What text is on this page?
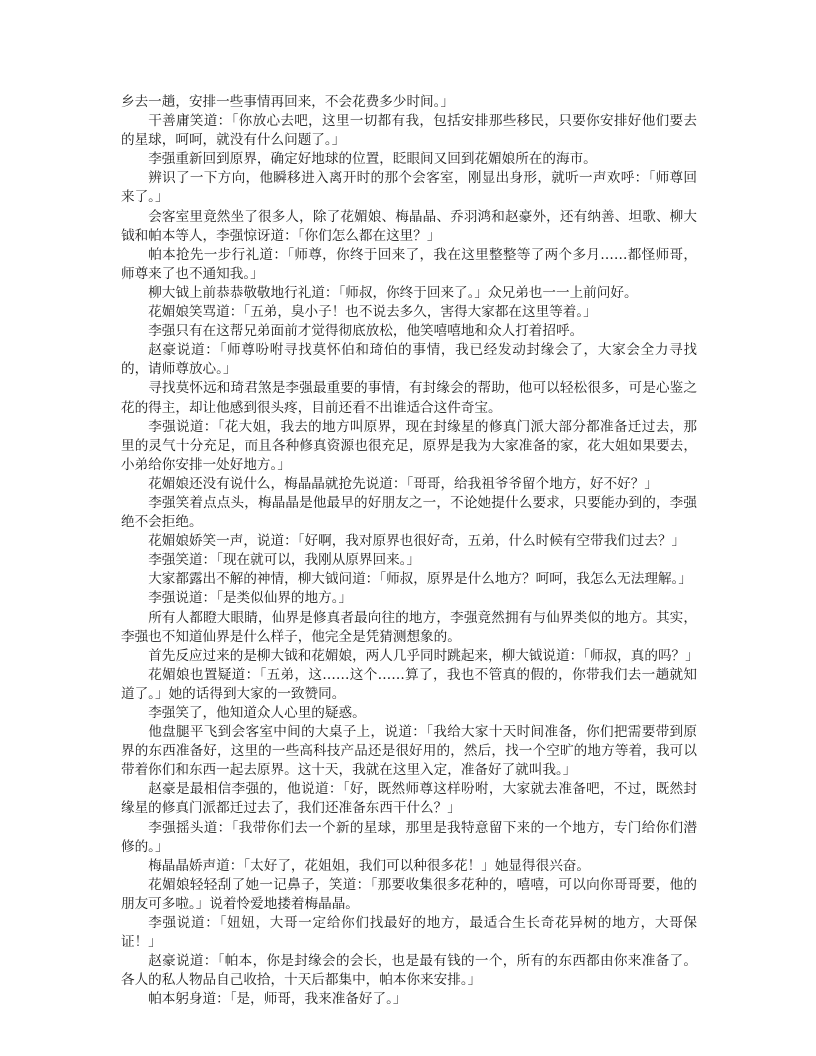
乡去一趟，安排一些事情再回来，不会花费多少时间。」

干善庸笑道：「你放心去吧，这里一切都有我，包括安排那些移民，只要你安排好他们要去的星球，呵呵，就没有什么问题了。」

李强重新回到原界，确定好地球的位置，眨眼间又回到花媚娘所在的海市。

辨识了一下方向，他瞬移进入离开时的那个会客室，刚显出身形，就听一声欢呼：「师尊回来了。」

会客室里竟然坐了很多人，除了花媚娘、梅晶晶、乔羽鸿和赵豪外，还有纳善、坦歌、柳大钺和帕本等人，李强惊讶道：「你们怎么都在这里？」

帕本抢先一步行礼道：「师尊，你终于回来了，我在这里整整等了两个多月……都怪师哥，师尊来了也不通知我。」

柳大钺上前恭恭敬敬地行礼道：「师叔，你终于回来了。」众兄弟也一一上前问好。

花媚娘笑骂道：「五弟，臭小子！也不说去多久，害得大家都在这里等着。」

李强只有在这帮兄弟面前才觉得彻底放松，他笑嘻嘻地和众人打着招呼。

赵豪说道：「师尊吩咐寻找莫怀伯和琦伯的事情，我已经发动封缘会了，大家会全力寻找的，请师尊放心。」

寻找莫怀远和琦君煞是李强最重要的事情，有封缘会的帮助，他可以轻松很多，可是心鉴之花的得主，却让他感到很头疼，目前还看不出谁适合这件奇宝。

李强说道：「花大姐，我去的地方叫原界，现在封缘星的修真门派大部分都准备迁过去，那里的灵气十分充足，而且各种修真资源也很充足，原界是我为大家准备的家，花大姐如果要去，小弟给你安排一处好地方。」

花媚娘还没有说什么，梅晶晶就抢先说道：「哥哥，给我祖爷爷留个地方，好不好？」

李强笑着点点头，梅晶晶是他最早的好朋友之一，不论她提什么要求，只要能办到的，李强绝不会拒绝。

花媚娘娇笑一声，说道：「好啊，我对原界也很好奇，五弟，什么时候有空带我们过去？」

李强笑道：「现在就可以，我刚从原界回来。」

大家都露出不解的神情，柳大钺问道：「师叔，原界是什么地方？呵呵，我怎么无法理解。」

李强说道：「是类似仙界的地方。」

所有人都瞪大眼睛，仙界是修真者最向往的地方，李强竟然拥有与仙界类似的地方。其实，李强也不知道仙界是什么样子，他完全是凭猜测想象的。

首先反应过来的是柳大钺和花媚娘，两人几乎同时跳起来，柳大钺说道：「师叔，真的吗？」

花媚娘也置疑道：「五弟，这……这个……算了，我也不管真的假的，你带我们去一趟就知道了。」她的话得到大家的一致赞同。

李强笑了，他知道众人心里的疑惑。

他盘腿平飞到会客室中间的大桌子上，说道：「我给大家十天时间准备，你们把需要带到原界的东西准备好，这里的一些高科技产品还是很好用的，然后，找一个空旷的地方等着，我可以带着你们和东西一起去原界。这十天，我就在这里入定，准备好了就叫我。」

赵豪是最相信李强的，他说道：「好，既然师尊这样吩咐，大家就去准备吧，不过，既然封缘星的修真门派都迁过去了，我们还准备东西干什么？」

李强摇头道：「我带你们去一个新的星球，那里是我特意留下来的一个地方，专门给你们潜修的。」

梅晶晶娇声道：「太好了，花姐姐，我们可以种很多花！」她显得很兴奋。

花媚娘轻轻刮了她一记鼻子，笑道：「那要收集很多花种的，嘻嘻，可以向你哥哥要，他的朋友可多啦。」说着怜爱地搂着梅晶晶。

李强说道：「妞妞，大哥一定给你们找最好的地方，最适合生长奇花异树的地方，大哥保证！」

赵豪说道：「帕本，你是封缘会的会长，也是最有钱的一个，所有的东西都由你来准备了。各人的私人物品自己收拾，十天后都集中，帕本你来安排。」

帕本躬身道：「是，师哥，我来准备好了。」
